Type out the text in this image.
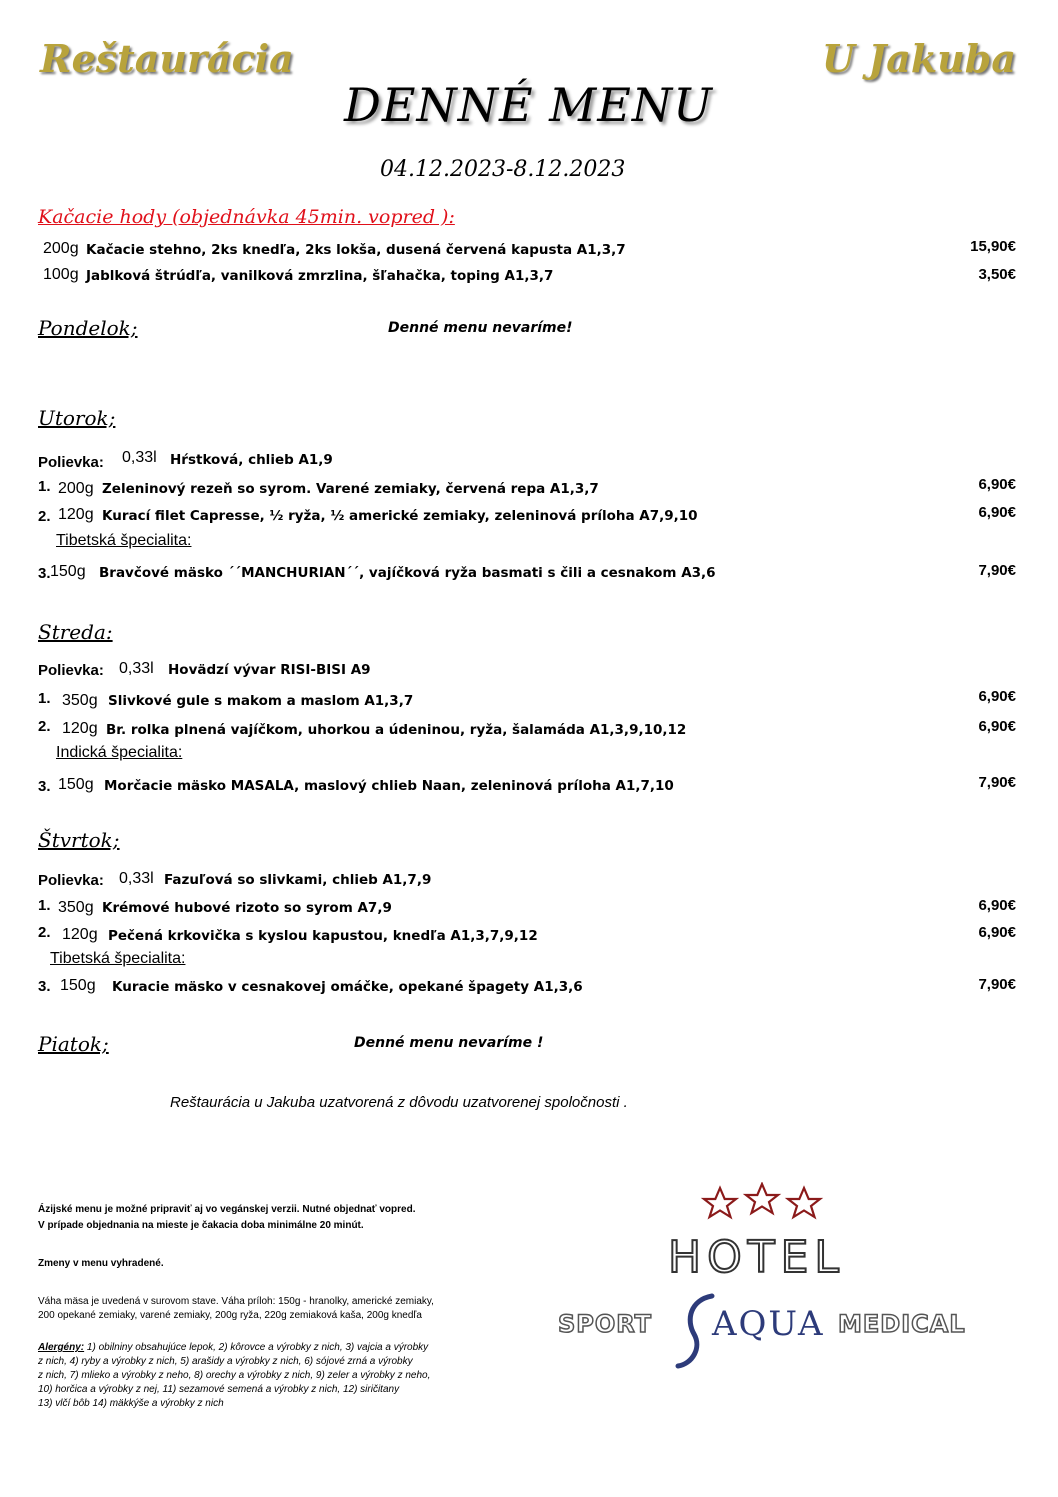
Reštaurácia	U Jakuba
DENNÉ MENU
04.12.2023-8.12.2023
Kačacie hody (objednávka 45min. vopred ):
200g Kačacie stehno, 2ks knedľa, 2ks lokša, dusená červená kapusta A1,3,7	15,90€
100g Jablková štrúdľa, vanilková zmrzlina, šľahačka, toping A1,3,7	3,50€
Pondelok;	Denné menu nevaríme!
Utorok;
Polievka: 0,33l Hŕstková, chlieb A1,9
1. 200g Zeleninový rezeň so syrom. Varené zemiaky, červená repa A1,3,7	6,90€
2. 120g Kurací filet Capresse, ½ ryža, ½ americké zemiaky, zeleninová príloha A7,9,10	6,90€
Tibetská špecialita:
3. 150g Bravčové mäsko ´´MANCHURIAN´´, vajíčková ryža basmati s čili a cesnakom A3,6	7,90€
Streda:
Polievka: 0,33l Hovädzí vývar RISI-BISI A9
1. 350g Slivkové gule s makom a maslom A1,3,7	6,90€
2. 120g Br. rolka plnená vajíčkom, uhorkou a údeninou, ryža, šalamáda A1,3,9,10,12	6,90€
Indická špecialita:
3. 150g Morčacie mäsko MASALA, maslový chlieb Naan, zeleninová príloha A1,7,10	7,90€
Štvrtok;
Polievka: 0,33l Fazuľová so slivkami, chlieb A1,7,9
1. 350g Krémové hubové rizoto so syrom A7,9	6,90€
2. 120g Pečená krkovička s kyslou kapustou, knedľa A1,3,7,9,12	6,90€
Tibetská špecialita:
3. 150g Kuracie mäsko v cesnakovej omáčke, opekané špagety A1,3,6	7,90€
Piatok;	Denné menu nevaríme !
Reštaurácia u Jakuba uzatvorená z dôvodu uzatvorenej spoločnosti .
Ázijské menu je možné pripraviť aj vo vegánskej verzii. Nutné objednať vopred.
V prípade objednania na mieste je čakacia doba minimálne 20 minút.
Zmeny v menu vyhradené.
Váha mäsa je uvedená v surovom stave. Váha príloh: 150g - hranolky, americké zemiaky,
200 opekané zemiaky, varené zemiaky, 200g ryža, 220g zemiaková kaša, 200g knedľa
Alergény: 1) obilniny obsahujúce lepok, 2) kôrovce a výrobky z nich, 3) vajcia a výrobky
z nich, 4) ryby a výrobky z nich, 5) arašidy a výrobky z nich, 6) sójové zrná a výrobky
z nich, 7) mlieko a výrobky z neho, 8) orechy a výrobky z nich, 9) zeler a výrobky z neho,
10) horčica a výrobky z nej, 11) sezamové semená a výrobky z nich, 12) siričitany
13) vlčí bôb 14) mäkkýše a výrobky z nich
HOTEL
SPORT AQUA MEDICAL
